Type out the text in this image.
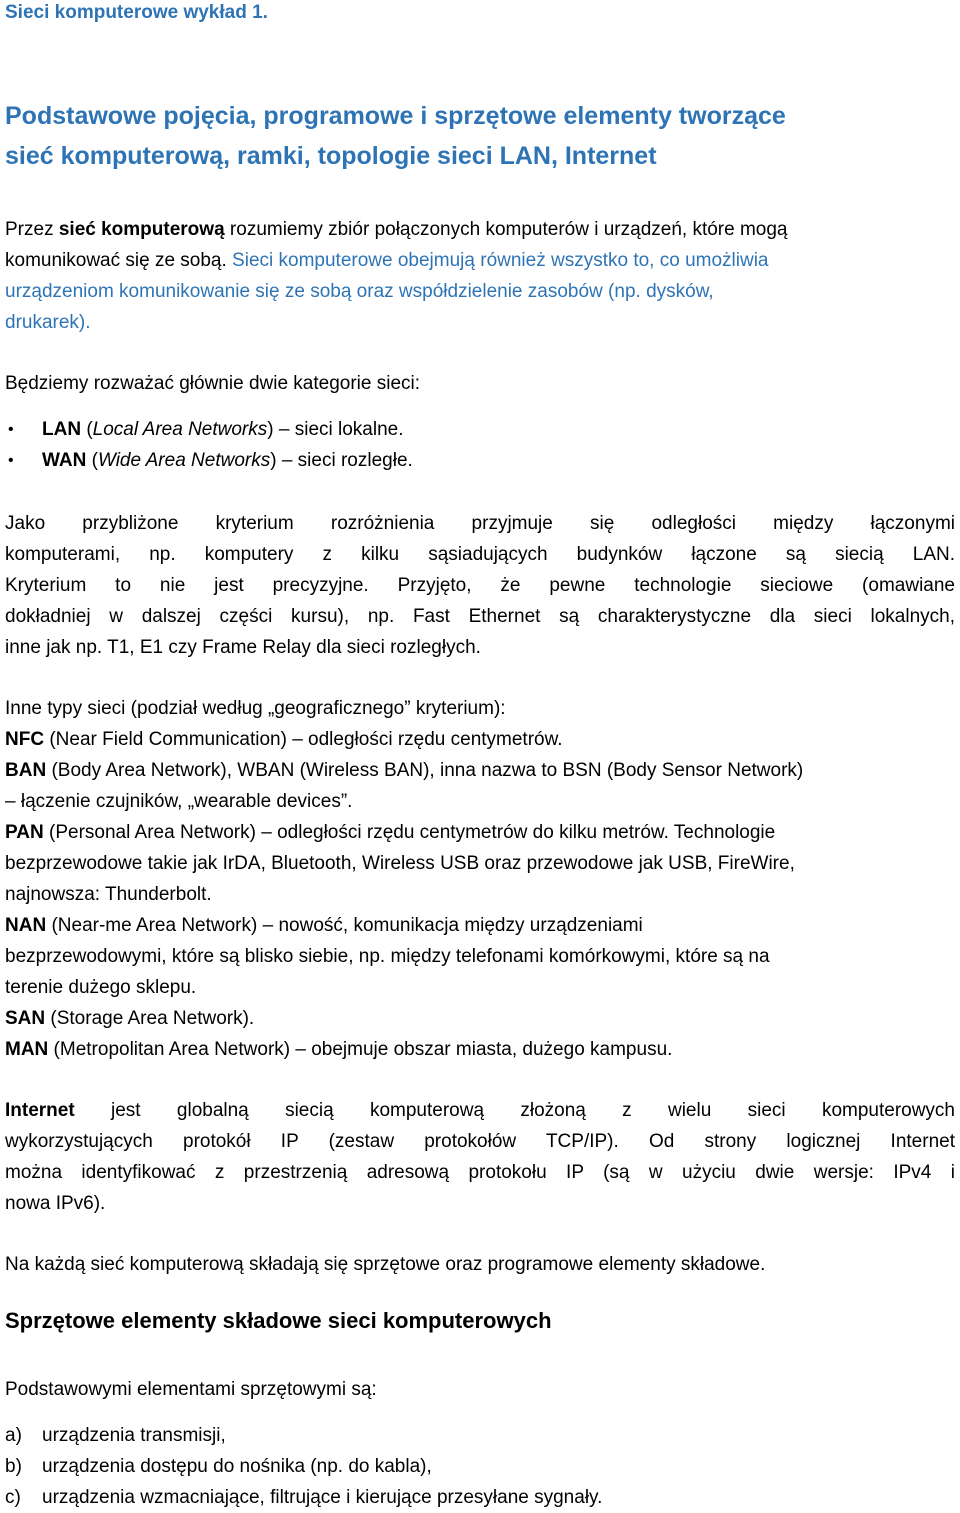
Sieci komputerowe wykład 1.
Podstawowe pojęcia, programowe i sprzętowe elementy tworzące
sieć komputerową, ramki, topologie sieci LAN, Internet
Przez sieć komputerową rozumiemy zbiór połączonych komputerów i urządzeń, które mogą
komunikować się ze sobą. Sieci komputerowe obejmują również wszystko to, co umożliwia
urządzeniom komunikowanie się ze sobą oraz współdzielenie zasobów (np. dysków,
drukarek).
Będziemy rozważać głównie dwie kategorie sieci:
• LAN (Local Area Networks) – sieci lokalne.
• WAN (Wide Area Networks) – sieci rozległe.
Jako przybliżone kryterium rozróżnienia przyjmuje się odległości między łączonymi
komputerami, np. komputery z kilku sąsiadujących budynków łączone są siecią LAN.
Kryterium to nie jest precyzyjne. Przyjęto, że pewne technologie sieciowe (omawiane
dokładniej w dalszej części kursu), np. Fast Ethernet są charakterystyczne dla sieci lokalnych,
inne jak np. T1, E1 czy Frame Relay dla sieci rozległych.
Inne typy sieci (podział według „geograficznego” kryterium):
NFC (Near Field Communication) – odległości rzędu centymetrów.
BAN (Body Area Network), WBAN (Wireless BAN), inna nazwa to BSN (Body Sensor Network)
– łączenie czujników, „wearable devices”.
PAN (Personal Area Network) – odległości rzędu centymetrów do kilku metrów. Technologie
bezprzewodowe takie jak IrDA, Bluetooth, Wireless USB oraz przewodowe jak USB, FireWire,
najnowsza: Thunderbolt.
NAN (Near-me Area Network) – nowość, komunikacja między urządzeniami
bezprzewodowymi, które są blisko siebie, np. między telefonami komórkowymi, które są na
terenie dużego sklepu.
SAN (Storage Area Network).
MAN (Metropolitan Area Network) – obejmuje obszar miasta, dużego kampusu.
Internet jest globalną siecią komputerową złożoną z wielu sieci komputerowych
wykorzystujących protokół IP (zestaw protokołów TCP/IP). Od strony logicznej Internet
można identyfikować z przestrzenią adresową protokołu IP (są w użyciu dwie wersje: IPv4 i
nowa IPv6).
Na każdą sieć komputerową składają się sprzętowe oraz programowe elementy składowe.
Sprzętowe elementy składowe sieci komputerowych
Podstawowymi elementami sprzętowymi są:
a) urządzenia transmisji,
b) urządzenia dostępu do nośnika (np. do kabla),
c) urządzenia wzmacniające, filtrujące i kierujące przesyłane sygnały.
